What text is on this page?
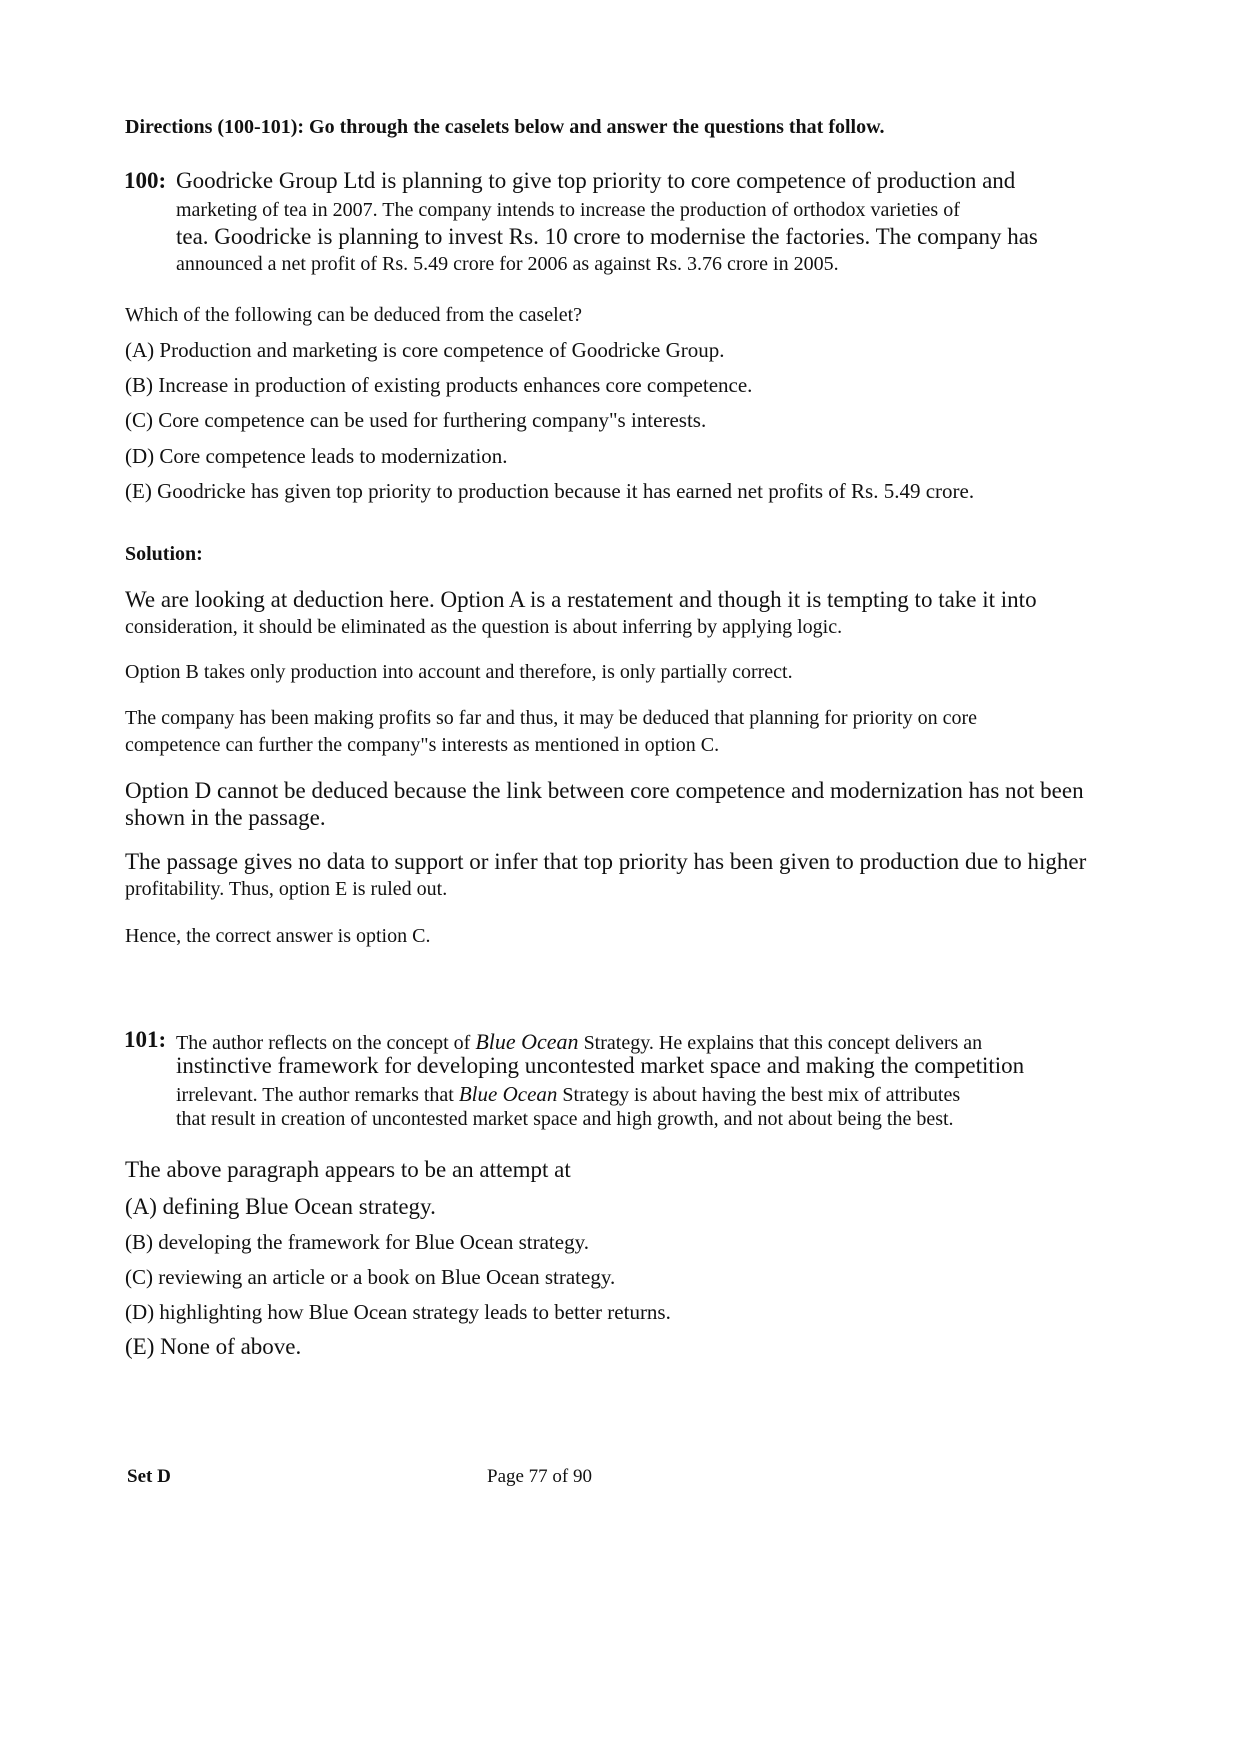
Directions (100-101): Go through the caselets below and answer the questions that follow.
100: Goodricke Group Ltd is planning to give top priority to core competence of production and
marketing of tea in 2007. The company intends to increase the production of orthodox varieties of
tea. Goodricke is planning to invest Rs. 10 crore to modernise the factories. The company has
announced a net profit of Rs. 5.49 crore for 2006 as against Rs. 3.76 crore in 2005.
Which of the following can be deduced from the caselet?
(A) Production and marketing is core competence of Goodricke Group.
(B) Increase in production of existing products enhances core competence.
(C) Core competence can be used for furthering company"s interests.
(D) Core competence leads to modernization.
(E) Goodricke has given top priority to production because it has earned net profits of Rs. 5.49 crore.
Solution:
We are looking at deduction here. Option A is a restatement and though it is tempting to take it into
consideration, it should be eliminated as the question is about inferring by applying logic.
Option B takes only production into account and therefore, is only partially correct.
The company has been making profits so far and thus, it may be deduced that planning for priority on core
competence can further the company"s interests as mentioned in option C.
Option D cannot be deduced because the link between core competence and modernization has not been
shown in the passage.
The passage gives no data to support or infer that top priority has been given to production due to higher
profitability. Thus, option E is ruled out.
Hence, the correct answer is option C.
101: The author reflects on the concept of Blue Ocean Strategy. He explains that this concept delivers an
instinctive framework for developing uncontested market space and making the competition
irrelevant. The author remarks that Blue Ocean Strategy is about having the best mix of attributes
that result in creation of uncontested market space and high growth, and not about being the best.
The above paragraph appears to be an attempt at
(A) defining Blue Ocean strategy.
(B) developing the framework for Blue Ocean strategy.
(C) reviewing an article or a book on Blue Ocean strategy.
(D) highlighting how Blue Ocean strategy leads to better returns.
(E) None of above.
Set D	Page 77 of 90
